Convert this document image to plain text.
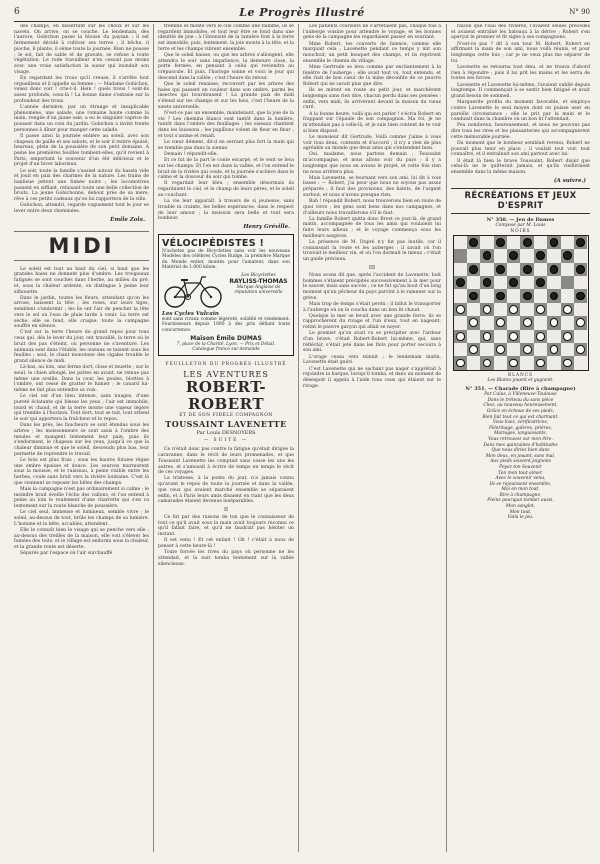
6	Le Progrès Illustré	N° 90

des champs, en dissertant sur les choux et sur les navets. On arrive, on se couche. Le lendemain, dès l'aurore, Gobichon passe la blouse du paysan ; il est fermement décidé à cultiver ses terres ; il bêche, il pioche, il plante, il sème toute la journée. Rien ne pousse ; le sol, fait de sable et de gravats, se refuse à toute végétation. Le rude travailleur n'en cessait pas moins avec une vraie satisfaction la sueur qui inondait son visage.

En regardant les trous qu'il creuse, il s'arrête tout orgueilleux et il appelle sa femme : — Madame Gobichon, venez donc voir ! crie-t-il. Hein ! quels trous ! sont-ils assez profonds, ceux-là ! La bonne dame s'extasie sur la profondeur des trous.

L'année dernière, par un étrange et inexplicable phénomène, une salade, une romaine haute comme la main, rongée d'un jaune sale, a eu le singulier caprice de pousser dans un coin du jardin. Gobichon a invité trente personnes à dîner pour manger cette salade.

Il passe ainsi la journée entière au soleil, avec son chapeau de paille et ses sabots, et le soir il rentre épuisé, heureux, plein de la poussière de son petit domaine. A peine les premières feuilles tombent-elles, qu'il revient à Paris, emportant le souvenir d'un été délicieux et le projet d'un hiver laborieux.

Le soir, toute la famille s'assied autour du bassin vide et jouit en paix des charmes de la nature. Les trains de banlieue jettent une fumée noire ; les locomotives passent en sifflant, refaisant toute une belle collection de bruits. La jeune Gobichonne, debout près de sa mère, rêve à ces petits cadeaux qu'on lui rapportera de la ville.

Gobichon, attendri, regarde vaguement tout le jour se lever entre deux cheminées.

Émile Zola.
MIDI

Le soleil est tout au haut du ciel, si haut que les grandes haies ne donnent plus d'ombre. Les troupeaux fatigués se sont couchés dans l'herbe, au milieu du pré, et, sous la chaleur ardente, on distingue à peine leur silhouette.

Dans le jardin, toutes les fleurs, attendant qu'on les arrose, baissent la tête ; les roses, sur leurs tiges, semblent s'endormir ; les lis ont l'air de pencher la tête vers le sol où l'eau de pluie tarde à venir. La terre est sèche, elle se fend, elle craque, toute la campagne souffre en silence.

C'est sur la terre l'heure du grand repos pour tous ceux qui, dès le lever du jour, ont travaillé, la terre où le bruit des pas s'éteint, où personne ne s'aventure. Les animaux sont dans l'étable, les oiseaux se taisent sous les feuilles ; seul, le chant monotone des cigales trouble le grand silence de midi.

Là-bas, au loin, une ferme dort, close et muette ; sur le seuil, le chien allongé, les pattes en avant, ne remue pas même une oreille. Dans la cour, les poules, blotties à l'ombre, ont cessé de gratter le fumier ; le canard lui-même ne fait plus entendre sa voix.

Le ciel est d'un bleu intense, sans nuages, d'une pureté éclatante qui blesse les yeux ; l'air est immobile, lourd et chaud, et de la terre monte une vapeur légère qui tremble à l'horizon. Tout dort, tout se tait, tout attend le soir qui apportera la fraîcheur et le repos.

Dans les prés, les faucheurs se sont étendus sous les arbres ; les moissonneurs se sont assis à l'ombre des meules et mangent lentement leur pain, puis ils s'endorment, le chapeau sur les yeux, jusqu'à ce que la chaleur diminue et que le soleil, descendu plus bas, leur permette de reprendre le travail.

Le bois est plus frais ; sous les hautes futaies règne une ombre épaisse et douce. Les sources murmurent sous la mousse, et le ruisseau, à peine visible entre les herbes, coule sans bruit vers la rivière lointaine. C'est là que viennent se reposer les bêtes des champs.

Mais la campagne n'est pas ordinairement si calme ; le moindre bruit éveille l'écho des vallons, et l'on entend à peine au loin le roulement d'une charrette qui s'en va lentement sur la route blanche de poussière.

Le ciel seul, immense et lumineux, semble vivre ; le soleil, au-dessus de tout, brûle les champs de sa lumière. L'homme et la bête, accablés, attendent.

Elle le connaît bien le visage qui se penche vers elle ; au-dessus des treilles de la maison, elle voit s'élever les fumées des toits, et le village est endormi sous la chaleur, et la grande route est déserte.

Séparés par l'espace où l'air surchauffé

tremble et monte vers le ciel comme une flamme, ils se regardent immobiles, et tout leur être se fond dans une identité de joie : à l'intensité de la lumière font à la terre est immobile, puis, lentement, la joie monte à la tête, et la terre et les champs vibrent ensemble.

Que le soleil baisse, ou que les arbres s'allongent, elle attendra le soir sans impatience, la demeure close, la porte fermée, en pensant à celui qui reviendra au crépuscule. Et puis, l'horloge sonne et voici le jour qui descend dans la vallée ; c'est l'heure du retour.

Que le soleil renaisse, recouvert par les arbres des haies qui passent en couleur dans son ombre, parmi les insectes qui bourdonnent ! La grande paix de midi s'étend sur les champs et sur les bois, c'est l'heure de la sieste universelle.

N'est-ce pas un ensemble, maintenant, que la joie de la vie ? Les chemins blancs sont tantôt dans la lumière, tantôt dans l'ombre des feuillages ; les oiseaux chantent dans les buissons ; les papillons volent de fleur en fleur ; et tout s'anime et renaît.

Le cœur dément, dit-il en serrant plus fort la main qui se tremble pas dans la sienne.

Demain ! répondit-elle.

Et ce fut de la part le conte escarpé, et le vent se leva sur les champs. Et l'on est dans la vallée, et l'on entend le bruit de la rivière qui coule, et la journée s'achève dans le calme et la douceur du soir qui tombe.

Il regardait leur bleu ; ensemble désormais ils regardaient le ciel, et le champ de leurs pères, et le soleil au couchant.

La vie leur apparaît, à travers de si jeunesse, sans trouble ni crainte, les belles espérances, dans le respect de leur amour ; la moisson sera belle et tout sera bonheur.

Henry Gréville.
VÉLOCIPÉDISTES !
N'achetez pas de Bicyclettes sans voir les nouveaux Modèles des célèbres Cycles Rudge, la première Marque du Monde entier, montés pour l'amateur, dans son Matériel de 1.000 kilom.
Les Bicyclettes
RAYLISS-THOMAS
Marque Anglaise de réputation universelle
Les Cycles Vulcain
sont sans rivaux comme légèreté, solidité et rendement. Fournisseurs depuis 1890 à des prix défiant toute concurrence.
Maison Émile DUMAS
7, place de la Charité, Lyon. — Prix et Détail.
Catalogue franco sur demande
FEUILLETON DU PROGRÈS ILLUSTRÉ
LES AVENTURES
ROBERT-ROBERT
ET DE SON FIDÈLE COMPAGNON
TOUSSAINT LAVENETTE
Par Louis DESNOYERS
— SUITE —

Ce n'était donc pas contre la fatigue qu'était dirigée la caravanne, dans le récit de leurs promenades, et que Toussaint Lavenette les comptait sans cesse les uns les autres, et s'amusait à écrire de temps en temps le récit de ces voyages.

La tristesse, à la ponte du jour, n'a jamais connu qu'avant le repos de toute la journée et dans la vallée, que ceux qui avaient marché ensemble se séparaient enfin, et à Paris leurs amis disaient en riant que les deux camarades étaient devenus inséparables.

II

Ce fut par des raisons de ton que le connaisseur de tout ce qu'il avait sous la main avait toujours reconnu ce qu'il fallait faire, et qu'il ne faudrait pas hésiter un instant.

Il est venu ! Et cet enfant ! Oh ! c'était à nous de penser à cette heure-là !

Toute forcée les rives du pays où personne ne les attendait, et la nuit tomba lentement sur la vallée silencieuse.

Les patients coursiers ne s'arrêtaient pas, chaque fois à l'auberge voisine pour attendre le voyage, et les bonnes gens de la campagne les regardaient passer en souriant.

Mme Robert, les couverts de faience, comme elle marquait cela ; Lavenette pendant ce temps y mit son mouchoir, un petit bouquet des champs, et ils reprirent ensemble le chemin du village.

Mme Gertrude se leva comme par enchantement à la fenêtre de l'auberge ; elle avait tout vu, tout entendu, et elle riait de bon cœur de la mine déconfite de ce pauvre Robert qui ne savait plus que dire.

Ils se mirent en route au petit jour, et marchèrent longtemps sans rien dire, chacun perdu dans ses pensées ; enfin, vers midi, ils arrivèrent devant la maison du vieux curé.

A la bonne heure, voilà qui est parler ! s'écria Robert en frappant sur l'épaule de son compagnon. Ma foi, je ne m'attendais pas à celle-là, et je suis bien content de te voir si bien disposé.

Le monsieur dit Gertrude, Voilà comme j'aime à vous voir tous deux, contents et d'accord ; il n'y a rien de plus agréable au monde que deux amis qui s'entendent bien.

Oui, madame, nous partons demain ; Toussaint m'accompagne, et nous allons voir du pays ; il y a longtemps que nous en avions le projet, et cette fois rien ne nous arrêtera plus.

Mais Lavenette, se tournant vers son ami, lui dit à voix basse : — Robert, j'ai peur que nous ne soyons pas assez préparés ; il faut des provisions, des habits, de l'argent surtout, et nous n'avons presque rien.

Bah ! répondit Robert, nous trouverons bien en route de quoi vivre ; les gens sont bons dans nos campagnes, et d'ailleurs nous travaillerons s'il le faut.

La famille Robert quitta donc Brest ce jour-là, de grand matin, accompagnée de tous les amis qui voulaient lui faire leurs adieux ; et le voyage commença sous les meilleurs auspices.

La présence de M. Dupré n'y fut pas inutile, car il connaissait la route et les auberges ; il savait où l'on trouvait le meilleur vin, et où l'on dormait le mieux ; c'était un guide précieux.

III

Nous avons dit que, après l'accident de Lavenette, huit hommes s'étaient précipités successivement à la mer pour le sauver, mais sans succès ; ce ne fut qu'au bout d'un long moment qu'un pêcheur du pays parvint à le ramener sur la grève.

Mais trop de temps s'était perdu ; il fallut le transporter à l'auberge où on le coucha dans un bon lit chaud.

Quelque la mer se levait avec une grande force, ils se rapprochèrent du rivage et l'un d'eux, tout en nageant, retint le pauvre garçon qui allait se noyer.

Le premier qu'on avait vu se précipiter avec l'ardeur d'un brave, c'était Robert-Robert lui-même, qui, sans réfléchir, s'était jeté dans les flots pour porter secours à son ami.

L'orage cessa vers minuit ; le lendemain matin, Lavenette était guéri.

C'est Lavenette qui ne sachant pas nager s'apprêtait à rejoindre la barque, lorsqu'il tomba, et dans un moment de désespoir il appela à l'aide tous ceux qui étaient sur le rivage.

raison que l'eau des rivières, l'avaient seules précédés et avaient entraîné les bateaux à la dérive ; Robert s'en aperçut le premier et fit signe à ses compagnons.

N'est-ce pas ? dit à son tour M. Robert, Robert en affirmant la main de son ami, nous voilà réunis, et pour longtemps cette fois ; car je ne veux plus me séparer de toi.

Lavenette se retourna tout ému, et ne trouva d'abord rien à répondre ; puis il lui prit les mains et les serra de toutes ses forces.

Lavenette et Lavenette lui-même, l'avaient oublié depuis longtemps. Il commençait à se sentir bien fatigué et avait grand besoin de sommeil.

Marguerite profita du moment favorable, et employa contre Lavenette le seul moyen dont on puisse user en pareille circonstance ; elle le prit par la main et le conduisit dans la chambre où un bon lit l'attendait.

Peu nombreux, heureusement, et nous ne pouvons pas dire tous les rires et les plaisanteries qui accompagnèrent cette mémorable journée.

Du moment que le bonheur semblait revenu, Robert ne pouvait plus tenir en place ; il voulait tout voir, tout connaître, et il entraînait son ami partout avec lui.

Il était là bien le brave Toussaint, Robert disait que celui-là ne le quitterait jamais, et qu'ils vieilliraient ensemble dans la même maison.

(A suivre.)
RÉCRÉATIONS ET JEUX D'ESPRIT
N° 350. — Jeu de Dames
Composé par M. Louis
NOIRS
BLANCS
Les Blancs jouent et gagnent.
N° 351. — Charade (Rire à champagne)
Par Caïus, à Villeneuve-Toulouse
Dans le tréteau du sans pièce
Chez, au nouveau heureusement,
Grâce en échoue de ses pieds,
Bien fait tout ce qui est charmant.
Vous lisez, vérificatrices,
Pèlerinage, galères, prières,
Mariages, languissants,
Vous retrouvez sur mon être.
Dans mes quinzaines d'habitudes
Que nous diriez bien dans
Mon deux, en jouant, sans mal,
Aux pieds souvent joignons
Poyez ton Souvenir
Ton mon tout aimer.
Avec le souvenir venu,
Ils se rejouissent ensemble,
Moi en mon tout.
Rire à champagne,
Pleins pourquoi tomber aussi,
Mon sanglot,
Mon tout,
Voila le jeu.
